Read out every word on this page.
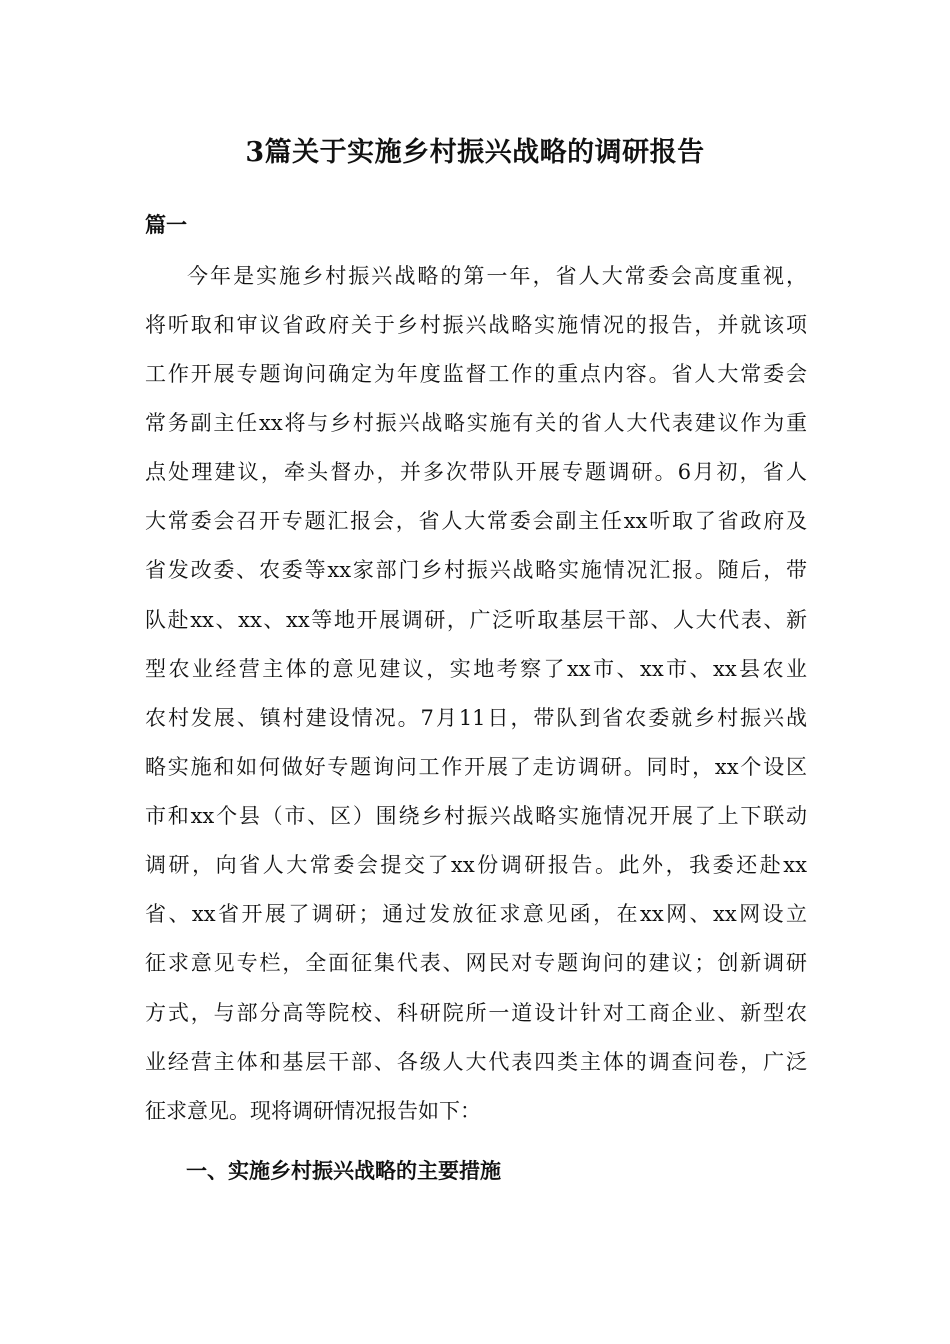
3篇关于实施乡村振兴战略的调研报告
篇一
今年是实施乡村振兴战略的第一年，省人大常委会高度重视，
将听取和审议省政府关于乡村振兴战略实施情况的报告，并就该项
工作开展专题询问确定为年度监督工作的重点内容。省人大常委会
常务副主任xx将与乡村振兴战略实施有关的省人大代表建议作为重
点处理建议，牵头督办，并多次带队开展专题调研。6月初，省人
大常委会召开专题汇报会，省人大常委会副主任xx听取了省政府及
省发改委、农委等xx家部门乡村振兴战略实施情况汇报。随后，带
队赴xx、xx、xx等地开展调研，广泛听取基层干部、人大代表、新
型农业经营主体的意见建议，实地考察了xx市、xx市、xx县农业
农村发展、镇村建设情况。7月11日，带队到省农委就乡村振兴战
略实施和如何做好专题询问工作开展了走访调研。同时，xx个设区
市和xx个县（市、区）围绕乡村振兴战略实施情况开展了上下联动
调研，向省人大常委会提交了xx份调研报告。此外，我委还赴xx
省、xx省开展了调研；通过发放征求意见函，在xx网、xx网设立
征求意见专栏，全面征集代表、网民对专题询问的建议；创新调研
方式，与部分高等院校、科研院所一道设计针对工商企业、新型农
业经营主体和基层干部、各级人大代表四类主体的调查问卷，广泛
征求意见。现将调研情况报告如下：
一、实施乡村振兴战略的主要措施
